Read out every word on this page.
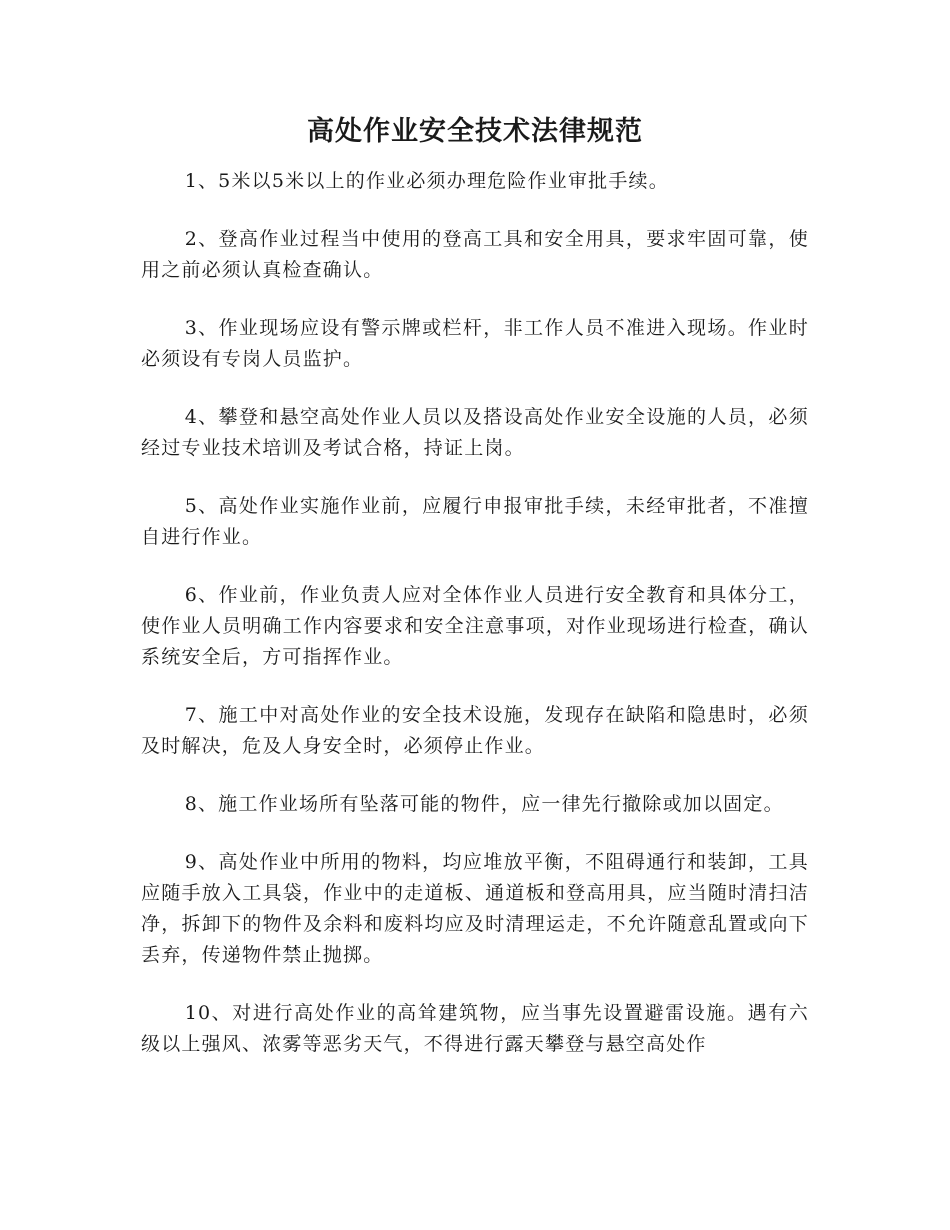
高处作业安全技术法律规范

1、5米以5米以上的作业必须办理危险作业审批手续。

2、登高作业过程当中使用的登高工具和安全用具，要求牢固可靠，使用之前必须认真检查确认。

3、作业现场应设有警示牌或栏杆，非工作人员不准进入现场。作业时必须设有专岗人员监护。

4、攀登和悬空高处作业人员以及搭设高处作业安全设施的人员，必须经过专业技术培训及考试合格，持证上岗。

5、高处作业实施作业前，应履行申报审批手续，未经审批者，不准擅自进行作业。

6、作业前，作业负责人应对全体作业人员进行安全教育和具体分工，使作业人员明确工作内容要求和安全注意事项，对作业现场进行检查，确认系统安全后，方可指挥作业。

7、施工中对高处作业的安全技术设施，发现存在缺陷和隐患时，必须及时解决，危及人身安全时，必须停止作业。

8、施工作业场所有坠落可能的物件，应一律先行撤除或加以固定。

9、高处作业中所用的物料，均应堆放平衡，不阻碍通行和装卸，工具应随手放入工具袋，作业中的走道板、通道板和登高用具，应当随时清扫洁净，拆卸下的物件及余料和废料均应及时清理运走，不允许随意乱置或向下丢弃，传递物件禁止抛掷。

10、对进行高处作业的高耸建筑物，应当事先设置避雷设施。遇有六级以上强风、浓雾等恶劣天气，不得进行露天攀登与悬空高处作
